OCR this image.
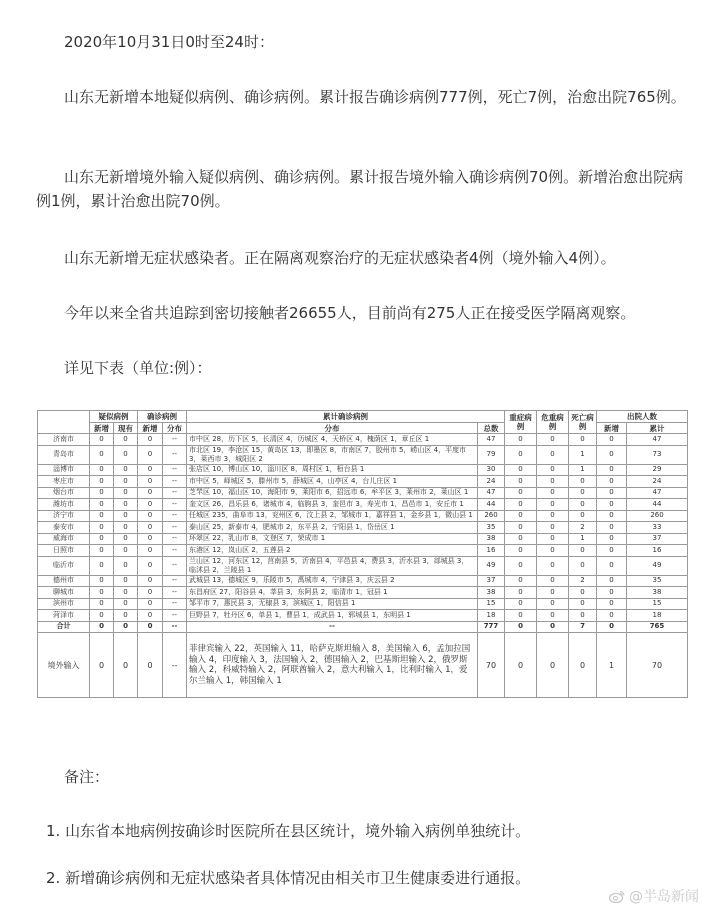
2020年10月31日0时至24时：

山东无新增本地疑似病例、确诊病例。累计报告确诊病例777例，死亡7例，治愈出院765例。

山东无新增境外输入疑似病例、确诊病例。累计报告境外输入确诊病例70例。新增治愈出院病例1例，累计治愈出院70例。

山东无新增无症状感染者。正在隔离观察治疗的无症状感染者4例（境外输入4例）。

今年以来全省共追踪到密切接触者26655人，目前尚有275人正在接受医学隔离观察。

详见下表（单位:例）：

	疑似病例		确诊病例		累计确诊病例		重症病例	危重病例	死亡病例	出院人数	
	新增	现有	新增	分布	分布	总数				新增	累计
济南市	0	0	0	--	市中区 28，历下区 5，长清区 4，历城区 4，天桥区 4，槐荫区 1，章丘区 1	47	0	0	0	0	47
青岛市	0	0	0	--	市北区 19，李沧区 15，黄岛区 13，即墨区 8，市南区 7，胶州市 5，崂山区 4，平度市 3，莱西市 3，城阳区 2	79	0	0	1	0	73
淄博市	0	0	0	--	张店区 10，博山区 10，淄川区 8，周村区 1，桓台县 1	30	0	0	1	0	29
枣庄市	0	0	0	--	市中区 5，峄城区 5，滕州市 5，薛城区 4，山亭区 4，台儿庄区 1	24	0	0	0	0	24
烟台市	0	0	0	--	芝罘区 10，福山区 10，海阳市 9，莱阳市 6，招远市 6，牟平区 3，莱州市 2，莱山区 1	47	0	0	0	0	47
潍坊市	0	0	0	--	奎文区 26，昌乐县 6，诸城市 4，临朐县 3，奎邑市 3，寿光市 1，昌邑市 1，安丘市 1	44	0	0	0	0	44
济宁市	0	0	0	--	任城区 235，曲阜市 13，兖州区 6，汶上县 2，邹城市 1，嘉祥县 1，金乡县 1，微山县 1	260	0	0	0	0	260
泰安市	0	0	0	--	泰山区 25，新泰市 4，肥城市 2，东平县 2，宁阳县 1，岱岳区 1	35	0	0	2	0	33
威海市	0	0	0	--	环翠区 22，乳山市 8，文登区 7，荣成市 1	38	0	0	1	0	37
日照市	0	0	0	--	东港区 12，岚山区 2，五莲县 2	16	0	0	0	0	16
临沂市	0	0	0	--	兰山区 12，河东区 12，莒南县 5，沂南县 4，平邑县 4，费县 3，沂水县 3，郯城县 3，临沭县 2，兰陵县 1	49	0	0	0	0	49
德州市	0	0	0	--	武城县 13，德城区 9，乐陵市 5，禹城市 4，宁津县 3，庆云县 2	37	0	0	2	0	35
聊城市	0	0	0	--	东昌府区 27，阳谷县 4，莘县 3，东阿县 2，临清市 1，冠县 1	38	0	0	0	0	38
滨州市	0	0	0	--	邹平市 7，惠民县 3，无棣县 3，滨城区 1，阳信县 1	15	0	0	0	0	15
菏泽市	0	0	0	--	巨野县 7，牡丹区 6，单县 1，曹县 1，成武县 1，郓城县 1，东明县 1	18	0	0	0	0	18
合计	0	0	0	--	--	777	0	0	7	0	765
境外输入	0	0	0	--	菲律宾输入 22，英国输入 11，哈萨克斯坦输入 8，美国输入 6，孟加拉国输入 4，印度输入 3，法国输入 2，德国输入 2，巴基斯坦输入 2，俄罗斯输入 2，科威特输入 2，阿联酋输入 2，意大利输入 1，比利时输入 1，爱尔兰输入 1，韩国输入 1	70	0	0	0	1	70

备注：

1. 山东省本地病例按确诊时医院所在县区统计，境外输入病例单独统计。

2. 新增确诊病例和无症状感染者具体情况由相关市卫生健康委进行通报。

@半岛新闻
